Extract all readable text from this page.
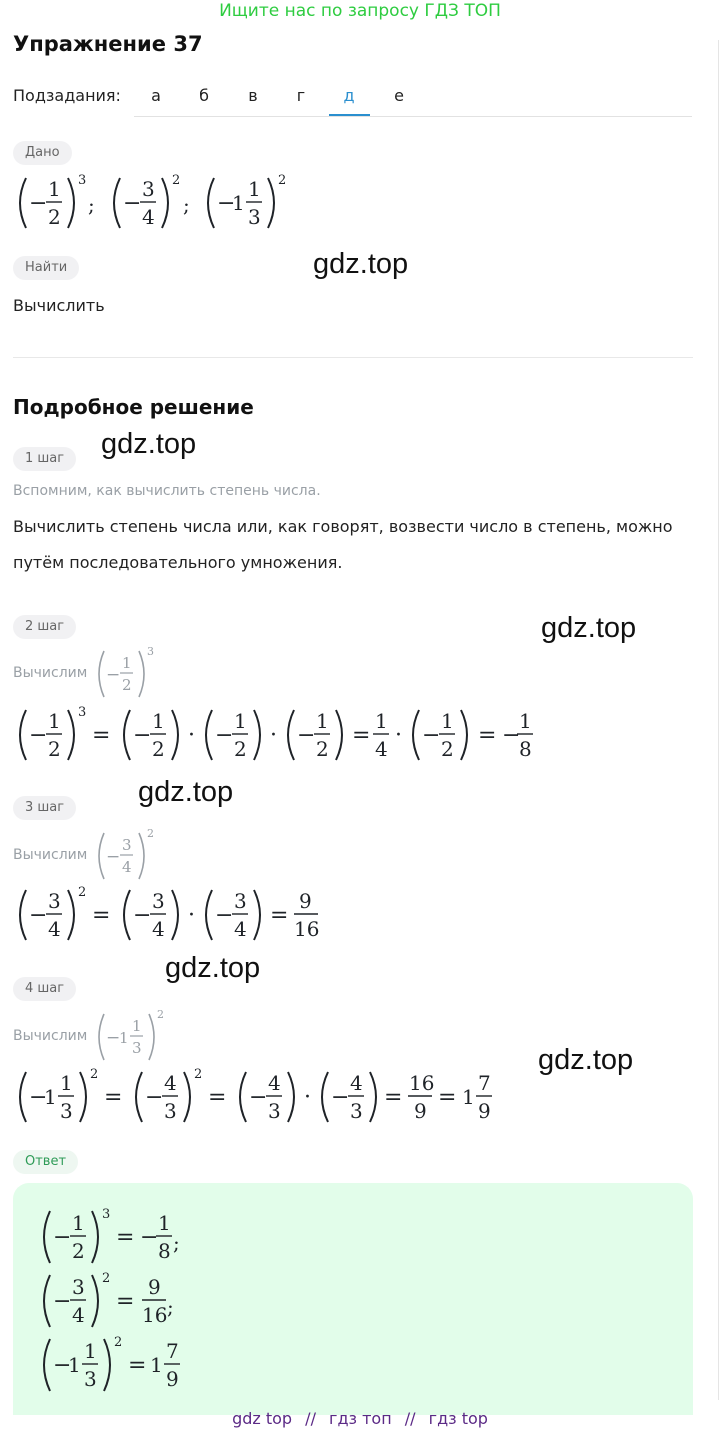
Ищите нас по запросу ГДЗ ТОП
Упражнение 37
Подзадания:	а	б	в	г	д	е
Дано
−
1
2
3
; −
3
4
2
; −
1
1
3
2
Найти	gdz.top
Вычислить
Подробное решение
1 шаг	gdz.top
Вспомним, как вычислить степень числа.
Вычислить степень числа или, как говорят, возвести число в степень, можно
путём последовательного умножения.
2 шаг	gdz.top
Вычислим −
1
2
3
−
1
2
3
= −
1
2
· −
1
2
· −
1
2
=
1
4
· −
1
2
= −
1
8
3 шаг	gdz.top
Вычислим −
3
4
2
−
3
4
2
= −
3
4
· −
3
4
=
9
16
4 шаг
gdz.top
Вычислим −
1
1
3
2
gdz.top
−
1
1
3
2
= −
4
3
2
= −
4
3
· −
4
3
=
16
9
= 1
7
9
Ответ
−
1
2
3
= −
1
8 ;
−
3
4
2
=
9
16 ;
−
1
1
3
2
= 1
7
9
gdz top // гдз топ // гдз top
